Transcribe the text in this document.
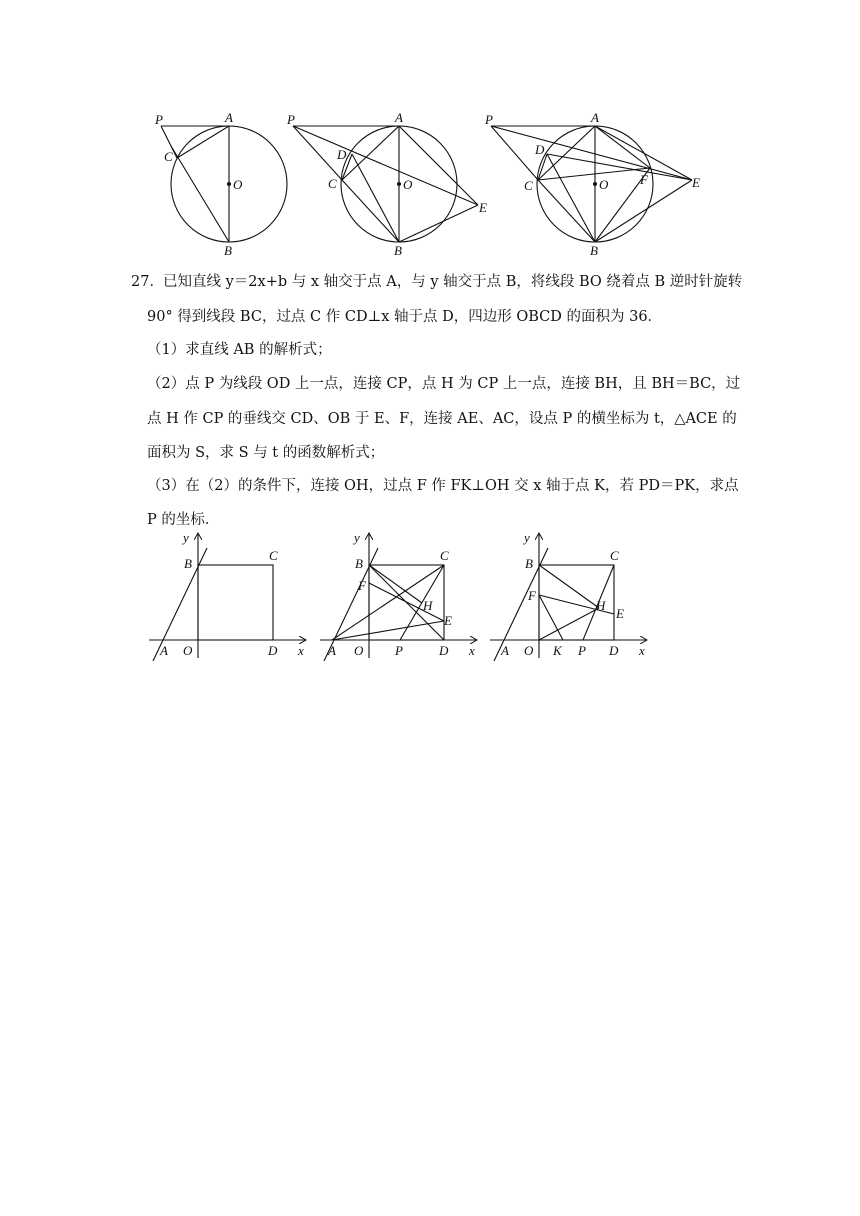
P	A
C
O
B
P	A
D
C	O
E
B
P	A
D
C	O F	E
B
27． 已知直线 y＝2x+b 与 x 轴交于点 A，与 y 轴交于点 B，将线段 BO 绕着点 B 逆时针旋转
90° 得到线段 BC，过点 C 作 CD⊥x 轴于点 D，四边形 OBCD 的面积为 36．
（1）求直线 AB 的解析式；
（2）点 P 为线段 OD 上一点，连接 CP，点 H 为 CP 上一点，连接 BH，且 BH＝BC，过
点 H 作 CP 的垂线交 CD、OB 于 E、F，连接 AE、AC，设点 P 的横坐标为 t，△ACE 的
面积为 S，求 S 与 t 的函数解析式；
（3）在（2）的条件下，连接 OH，过点 F 作 FK⊥OH 交 x 轴于点 K，若 PD＝PK，求点
P 的坐标．
y
B
C
A O	D x
y
B
C
F
H
E
A O P	D x
y
B
C
F
H
E
A O K P D x
